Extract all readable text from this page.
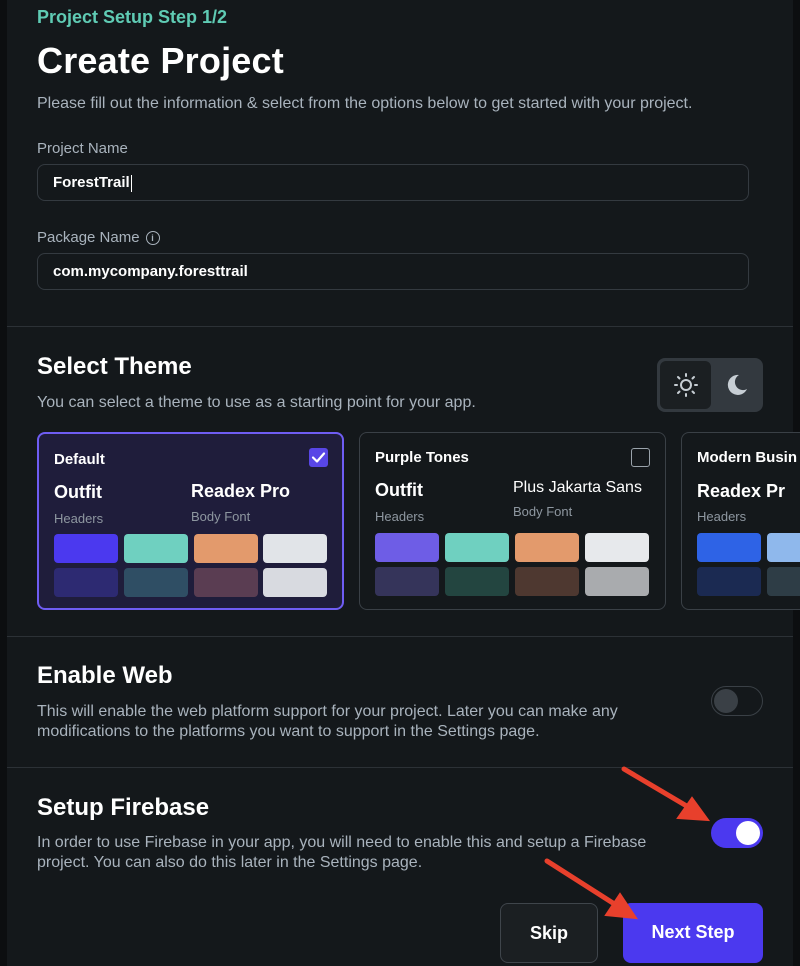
Project Setup Step 1/2
Create Project
Please fill out the information & select from the options below to get started with your project.
Project Name
ForestTrail
Package Name i
com.mycompany.foresttrail
Select Theme
You can select a theme to use as a starting point for your app.
Default
Outfit
Headers
Readex Pro
Body Font
Purple Tones
Outfit
Headers
Plus Jakarta Sans
Body Font
Modern Busin
Readex Pr
Headers
Enable Web
This will enable the web platform support for your project. Later you can make any modifications to the platforms you want to support in the Settings page.
Setup Firebase
In order to use Firebase in your app, you will need to enable this and setup a Firebase project. You can also do this later in the Settings page.
Skip	Next Step
